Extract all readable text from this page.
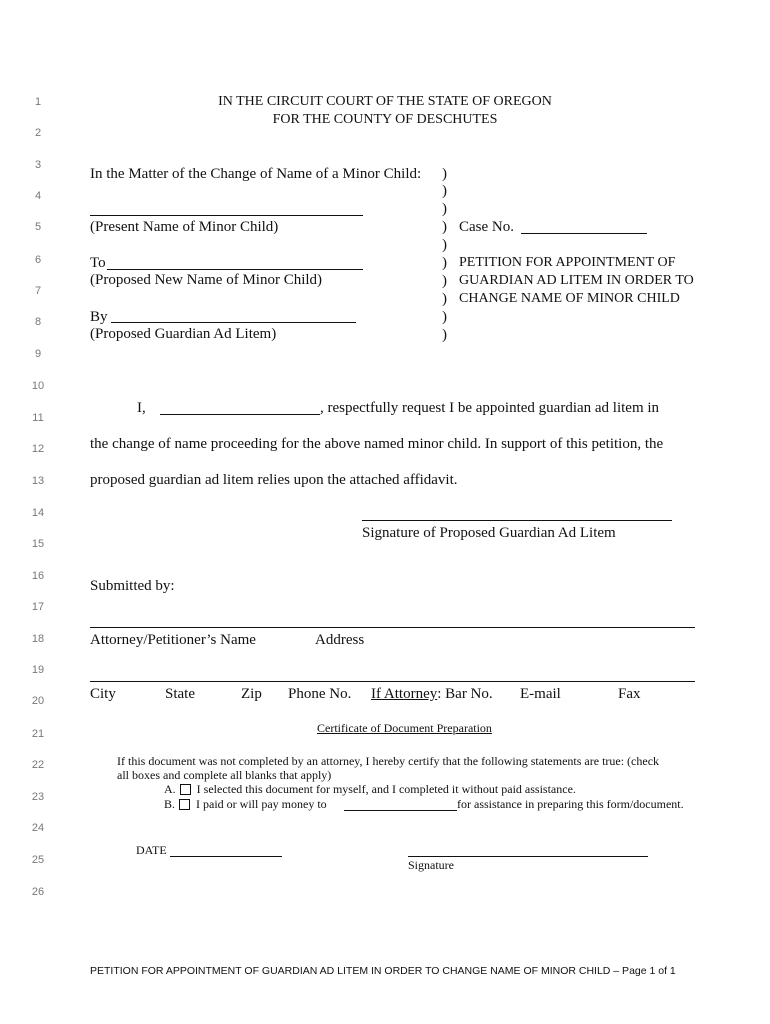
1
2
3
4
5
6
7
8
9
10
11
12
13
14
15
16
17
18
19
20
21
22
23
24
25
26
IN THE CIRCUIT COURT OF THE STATE OF OREGON
FOR THE COUNTY OF DESCHUTES
In the Matter of the Change of Name of a Minor Child:
(Present Name of Minor Child)
To
(Proposed New Name of Minor Child)
By
(Proposed Guardian Ad Litem)
)
)
)
)
)
)
)
)
)
)
Case No.
PETITION FOR APPOINTMENT OF
GUARDIAN AD LITEM IN ORDER TO
CHANGE NAME OF MINOR CHILD
I,	, respectfully request I be appointed guardian ad litem in
the change of name proceeding for the above named minor child. In support of this petition, the
proposed guardian ad litem relies upon the attached affidavit.
Signature of Proposed Guardian Ad Litem
Submitted by:
Attorney/Petitioner’s Name	Address
City	State	Zip Phone No. If Attorney: Bar No. E-mail	Fax
Certificate of Document Preparation
If this document was not completed by an attorney, I hereby certify that the following statements are true: (check
all boxes and complete all blanks that apply)
A. I selected this document for myself, and I completed it without paid assistance.
B. I paid or will pay money to	for assistance in preparing this form/document.
DATE
Signature
PETITION FOR APPOINTMENT OF GUARDIAN AD LITEM IN ORDER TO CHANGE NAME OF MINOR CHILD – Page 1 of 1
